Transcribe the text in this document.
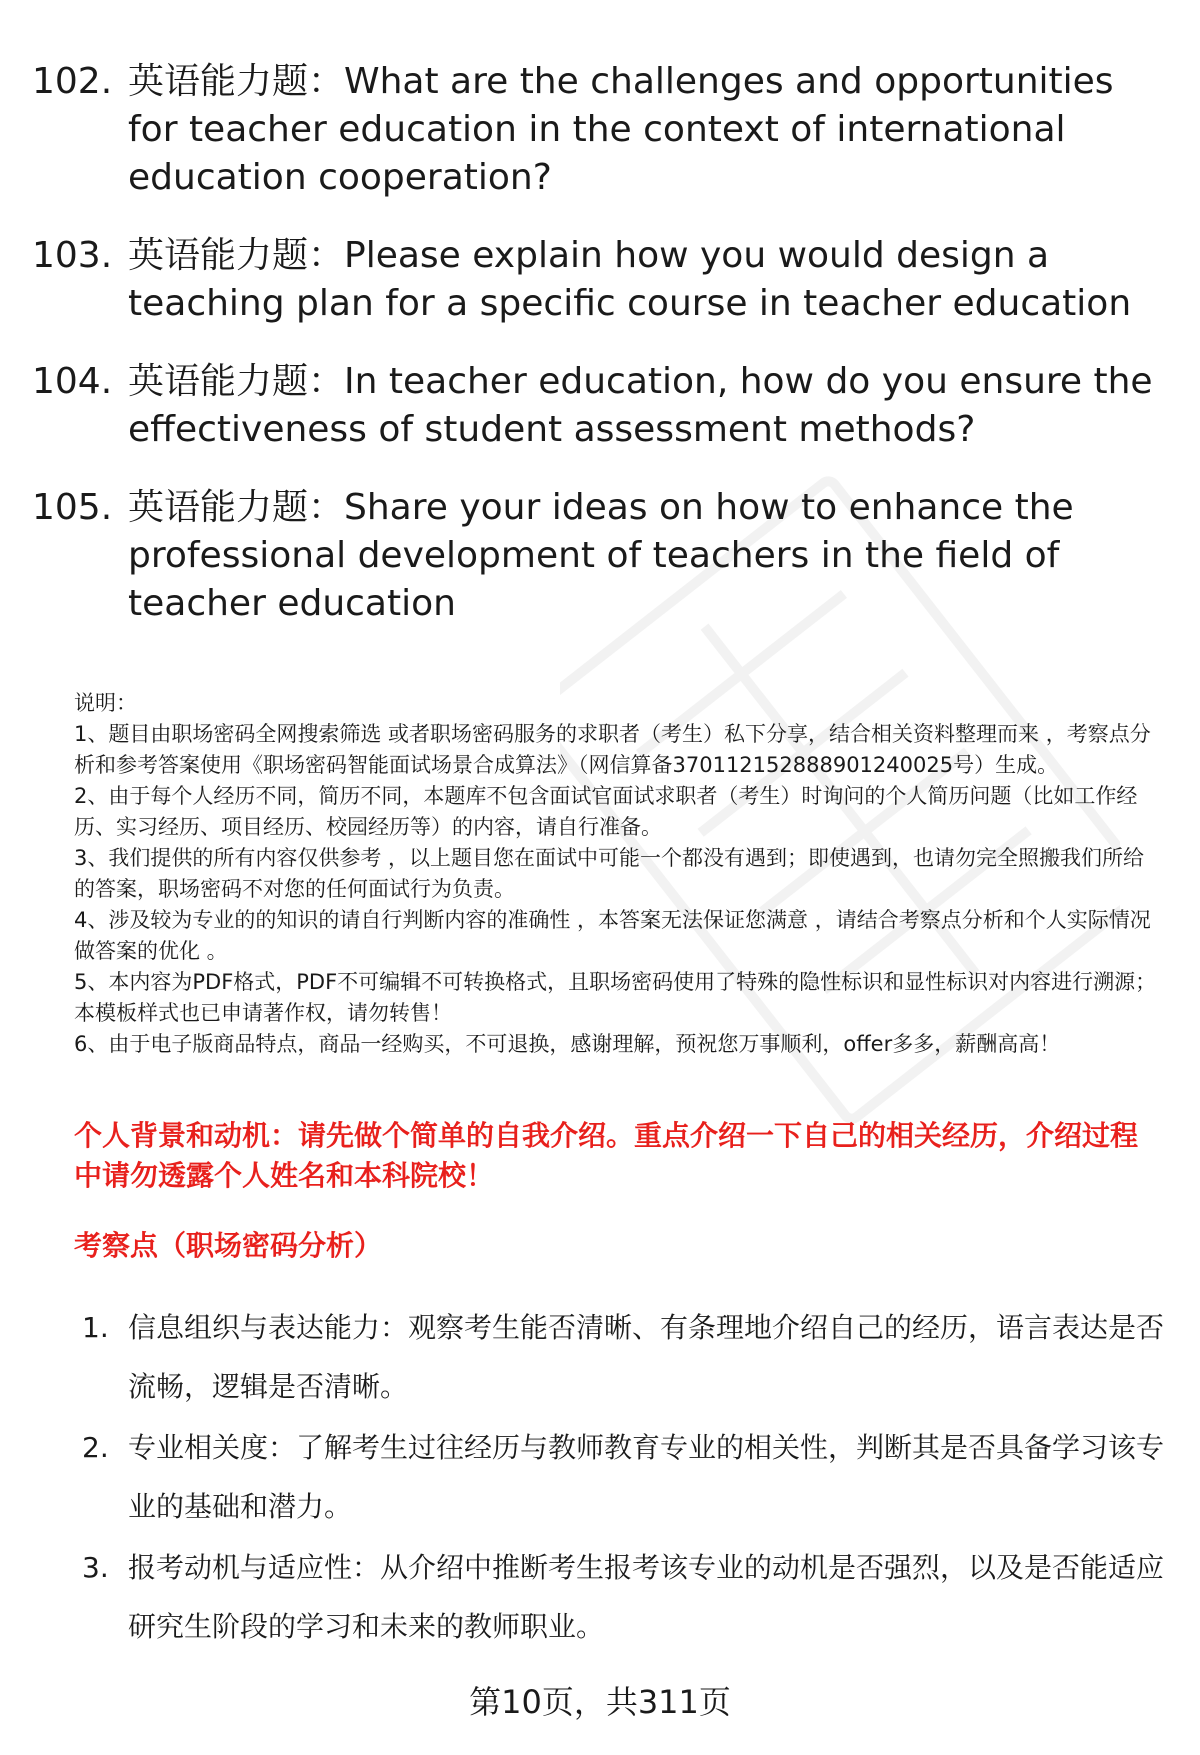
102. 英语能力题：What are the challenges and opportunities for teacher education in the context of international education cooperation?
103. 英语能力题：Please explain how you would design a teaching plan for a specific course in teacher education
104. 英语能力题：In teacher education, how do you ensure the effectiveness of student assessment methods?
105. 英语能力题：Share your ideas on how to enhance the professional development of teachers in the field of teacher education

说明：

1、题目由职场密码全网搜索筛选 或者职场密码服务的求职者（考生）私下分享，结合相关资料整理而来 ，考察点分析和参考答案使用《职场密码智能面试场景合成算法》（网信算备370112152888901240025号）生成。

2、由于每个人经历不同，简历不同，本题库不包含面试官面试求职者（考生）时询问的个人简历问题（比如工作经历、实习经历、项目经历、校园经历等）的内容，请自行准备。

3、我们提供的所有内容仅供参考 ，以上题目您在面试中可能一个都没有遇到；即使遇到，也请勿完全照搬我们所给的答案，职场密码不对您的任何面试行为负责。

4、涉及较为专业的的知识的请自行判断内容的准确性 ，本答案无法保证您满意 ，请结合考察点分析和个人实际情况做答案的优化 。

5、本内容为PDF格式，PDF不可编辑不可转换格式，且职场密码使用了特殊的隐性标识和显性标识对内容进行溯源；本模板样式也已申请著作权，请勿转售！

6、由于电子版商品特点，商品一经购买，不可退换，感谢理解，预祝您万事顺利，offer多多，薪酬高高！

个人背景和动机：请先做个简单的自我介绍。重点介绍一下自己的相关经历，介绍过程中请勿透露个人姓名和本科院校！
考察点（职场密码分析）
1. 信息组织与表达能力：观察考生能否清晰、有条理地介绍自己的经历，语言表达是否流畅，逻辑是否清晰。
2. 专业相关度：了解考生过往经历与教师教育专业的相关性，判断其是否具备学习该专业的基础和潜力。
3. 报考动机与适应性：从介绍中推断考生报考该专业的动机是否强烈，以及是否能适应研究生阶段的学习和未来的教师职业。
第10页，共311页
